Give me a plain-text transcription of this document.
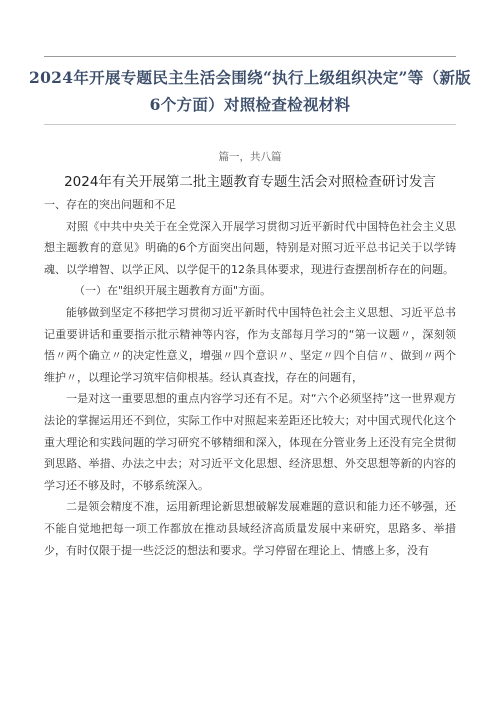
2024年开展专题民主生活会围绕“执行上级组织决定”等（新版6个方面）对照检查检视材料
篇一，共八篇
2024年有关开展第二批主题教育专题生活会对照检查研讨发言

一、存在的突出问题和不足

对照《中共中央关于在全党深入开展学习贯彻习近平新时代中国特色社会主义思想主题教育的意见》明确的6个方面突出问题，特别是对照习近平总书记关于以学铸魂、以学增智、以学正风、以学促干的12条具体要求，现进行查摆剖析存在的问题。

（一）在"组织开展主题教育方面"方面。

能够做到坚定不移把学习贯彻习近平新时代中国特色社会主义思想、习近平总书记重要讲话和重要指示批示精神等内容，作为支部每月学习的“第一议题〃，深刻领悟〃两个确立〃的决定性意义，增强〃四个意识〃、坚定〃四个自信〃、做到〃两个维护〃，以理论学习筑牢信仰根基。经认真查找，存在的问题有，

一是对这一重要思想的重点内容学习还有不足。对“六个必须坚持”这一世界观方法论的掌握运用还不到位，实际工作中对照起来差距还比较大；对中国式现代化这个重大理论和实践问题的学习研究不够精细和深入，体现在分管业务上还没有完全贯彻到思路、举措、办法之中去；对习近平文化思想、经济思想、外交思想等新的内容的学习还不够及时，不够系统深入。

二是领会精度不准，运用新理论新思想破解发展难题的意识和能力还不够强，还不能自觉地把每一项工作都放在推动县域经济高质量发展中来研究，思路多、举措少，有时仅限于提一些泛泛的想法和要求。学习停留在理论上、情感上多，没有
